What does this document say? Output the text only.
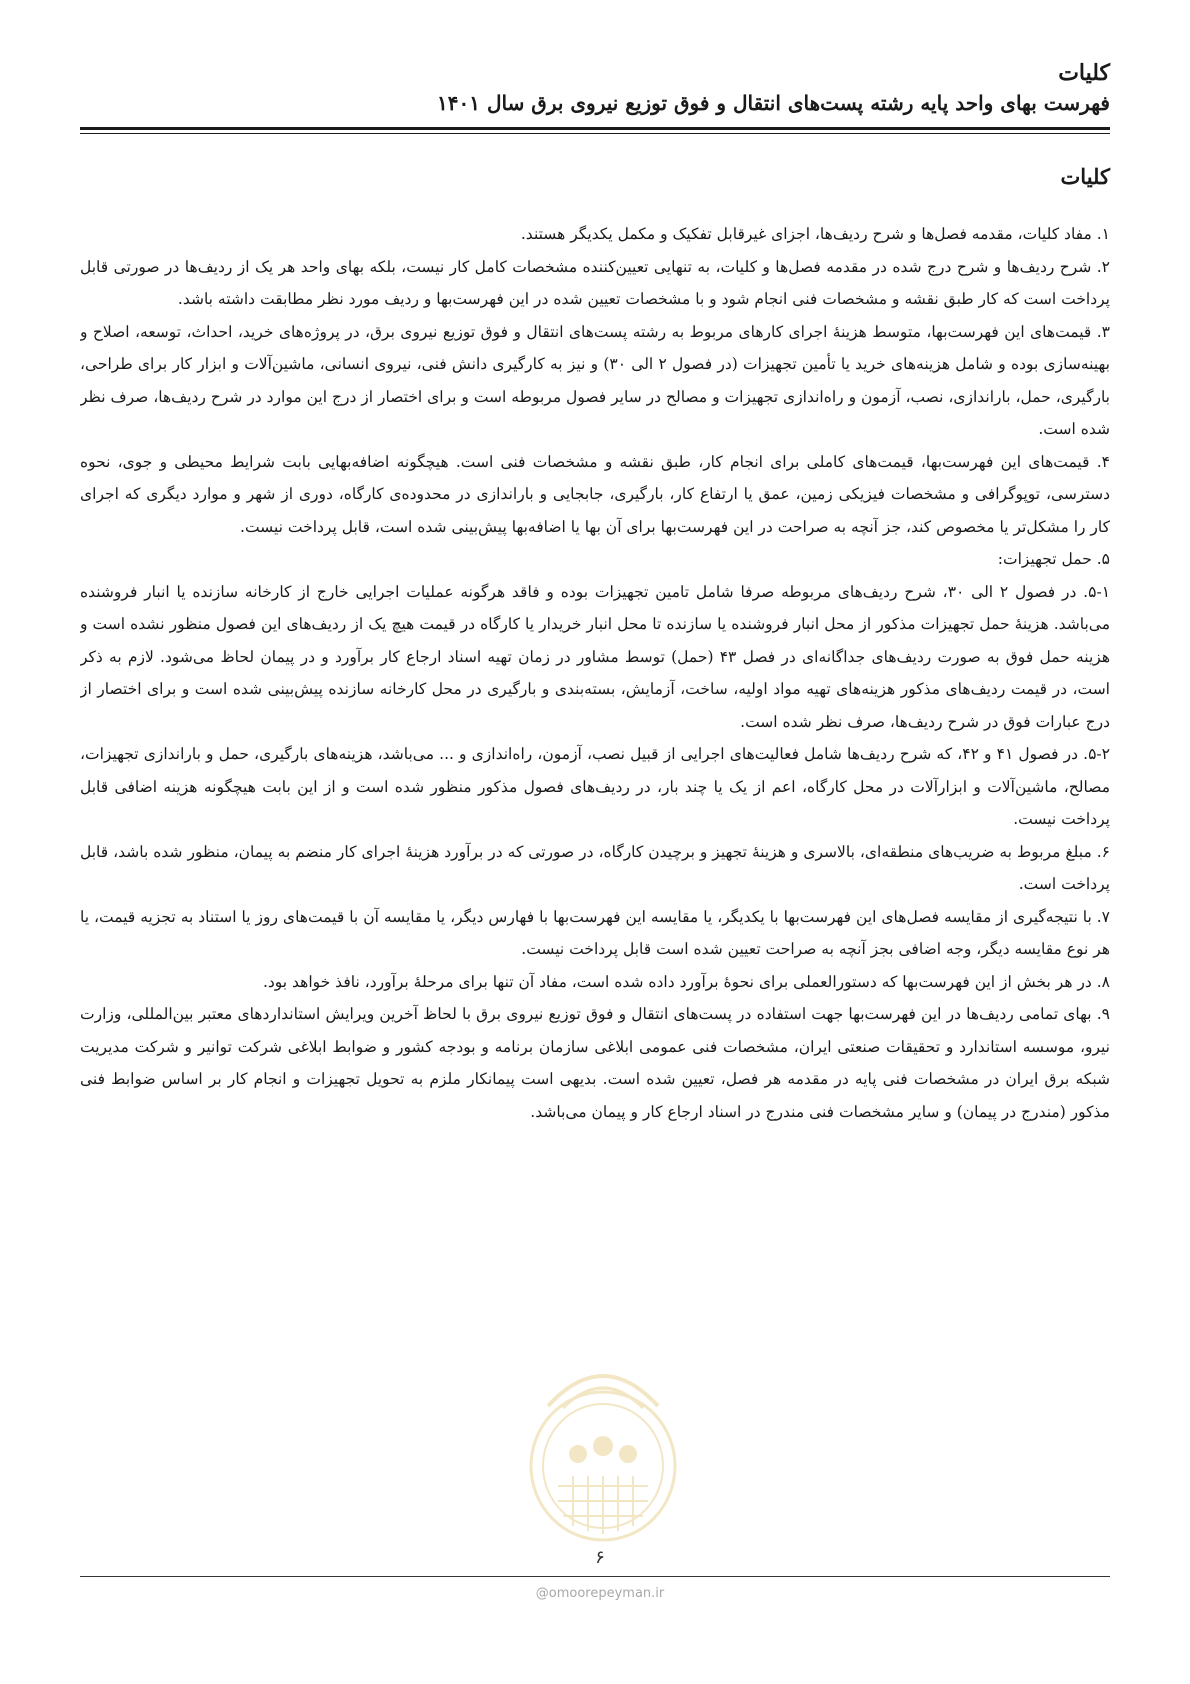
کلیات
فهرست بهای واحد پایه رشته پست‌های انتقال و فوق توزیع نیروی برق سال ۱۴۰۱
کلیات

۱. مفاد کلیات، مقدمه فصل‌ها و شرح ردیف‌ها، اجزای غیرقابل تفکیک و مکمل یکدیگر هستند.

۲. شرح ردیف‌ها و شرح درج شده در مقدمه فصل‌ها و کلیات، به تنهایی تعیین‌کننده مشخصات کامل کار نیست، بلکه بهای واحد هر یک از ردیف‌ها در صورتی قابل پرداخت است که کار طبق نقشه و مشخصات فنی انجام شود و با مشخصات تعیین شده در این فهرست‌بها و ردیف مورد نظر مطابقت داشته باشد.

۳. قیمت‌های این فهرست‌بها، متوسط هزینهٔ اجرای کارهای مربوط به رشته پست‌های انتقال و فوق توزیع نیروی برق، در پروژه‌های خرید، احداث، توسعه، اصلاح و بهینه‌سازی بوده و شامل هزینه‌های خرید یا تأمین تجهیزات (در فصول ۲ الی ۳۰) و نیز به کارگیری دانش فنی، نیروی انسانی، ماشین‌آلات و ابزار کار برای طراحی، بارگیری، حمل، باراندازی، نصب، آزمون و راه‌اندازی تجهیزات و مصالح در سایر فصول مربوطه است و برای اختصار از درج این موارد در شرح ردیف‌ها، صرف نظر شده است.

۴. قیمت‌های این فهرست‌بها، قیمت‌های کاملی برای انجام کار، طبق نقشه و مشخصات فنی است. هیچگونه اضافه‌بهایی بابت شرایط محیطی و جوی، نحوه دسترسی، توپوگرافی و مشخصات فیزیکی زمین، عمق یا ارتفاع کار، بارگیری، جابجایی و باراندازی در محدوده‌ی کارگاه، دوری از شهر و موارد دیگری که اجرای کار را مشکل‌تر یا مخصوص کند، جز آنچه به صراحت در این فهرست‌بها برای آن بها یا اضافه‌بها پیش‌بینی شده است، قابل پرداخت نیست.

۵. حمل تجهیزات:

۵-۱. در فصول ۲ الی ۳۰، شرح ردیف‌های مربوطه صرفا شامل تامین تجهیزات بوده و فاقد هرگونه عملیات اجرایی خارج از کارخانه سازنده یا انبار فروشنده می‌باشد. هزینهٔ حمل تجهیزات مذکور از محل انبار فروشنده یا سازنده تا محل انبار خریدار یا کارگاه در قیمت هیچ یک از ردیف‌های این فصول منظور نشده است و هزینه حمل فوق به صورت ردیف‌های جداگانه‌ای در فصل ۴۳ (حمل) توسط مشاور در زمان تهیه اسناد ارجاع کار برآورد و در پیمان لحاظ می‌شود. لازم به ذکر است، در قیمت ردیف‌های مذکور هزینه‌های تهیه مواد اولیه، ساخت، آزمایش، بسته‌بندی و بارگیری در محل کارخانه سازنده پیش‌بینی شده است و برای اختصار از درج عبارات فوق در شرح ردیف‌ها، صرف نظر شده است.

۵-۲. در فصول ۴۱ و ۴۲، که شرح ردیف‌ها شامل فعالیت‌های اجرایی از قبیل نصب، آزمون، راه‌اندازی و ... می‌باشد، هزینه‌های بارگیری، حمل و باراندازی تجهیزات، مصالح، ماشین‌آلات و ابزارآلات در محل کارگاه، اعم از یک یا چند بار، در ردیف‌های فصول مذکور منظور شده است و از این بابت هیچگونه هزینه اضافی قابل پرداخت نیست.

۶. مبلغ مربوط به ضریب‌های منطقه‌ای، بالاسری و هزینهٔ تجهیز و برچیدن کارگاه، در صورتی که در برآورد هزینهٔ اجرای کار منضم به پیمان، منظور شده باشد، قابل پرداخت است.

۷. با نتیجه‌گیری از مقایسه فصل‌های این فهرست‌بها با یکدیگر، یا مقایسه این فهرست‌بها با فهارس دیگر، یا مقایسه آن با قیمت‌های روز یا استناد به تجزیه قیمت، یا هر نوع مقایسه دیگر، وجه اضافی بجز آنچه به صراحت تعیین شده است قابل پرداخت نیست.

۸. در هر بخش از این فهرست‌بها که دستورالعملی برای نحوهٔ برآورد داده شده است، مفاد آن تنها برای مرحلهٔ برآورد، نافذ خواهد بود.

۹. بهای تمامی ردیف‌ها در این فهرست‌بها جهت استفاده در پست‌های انتقال و فوق توزیع نیروی برق با لحاظ آخرین ویرایش استانداردهای معتبر بین‌المللی، وزارت نیرو، موسسه استاندارد و تحقیقات صنعتی ایران، مشخصات فنی عمومی ابلاغی سازمان برنامه و بودجه کشور و ضوابط ابلاغی شرکت توانیر و شرکت مدیریت شبکه برق ایران در مشخصات فنی پایه در مقدمه هر فصل، تعیین شده است. بدیهی است پیمانکار ملزم به تحویل تجهیزات و انجام کار بر اساس ضوابط فنی مذکور (مندرج در پیمان) و سایر مشخصات فنی مندرج در اسناد ارجاع کار و پیمان می‌باشد.

۶
@omoorepeyman.ir
